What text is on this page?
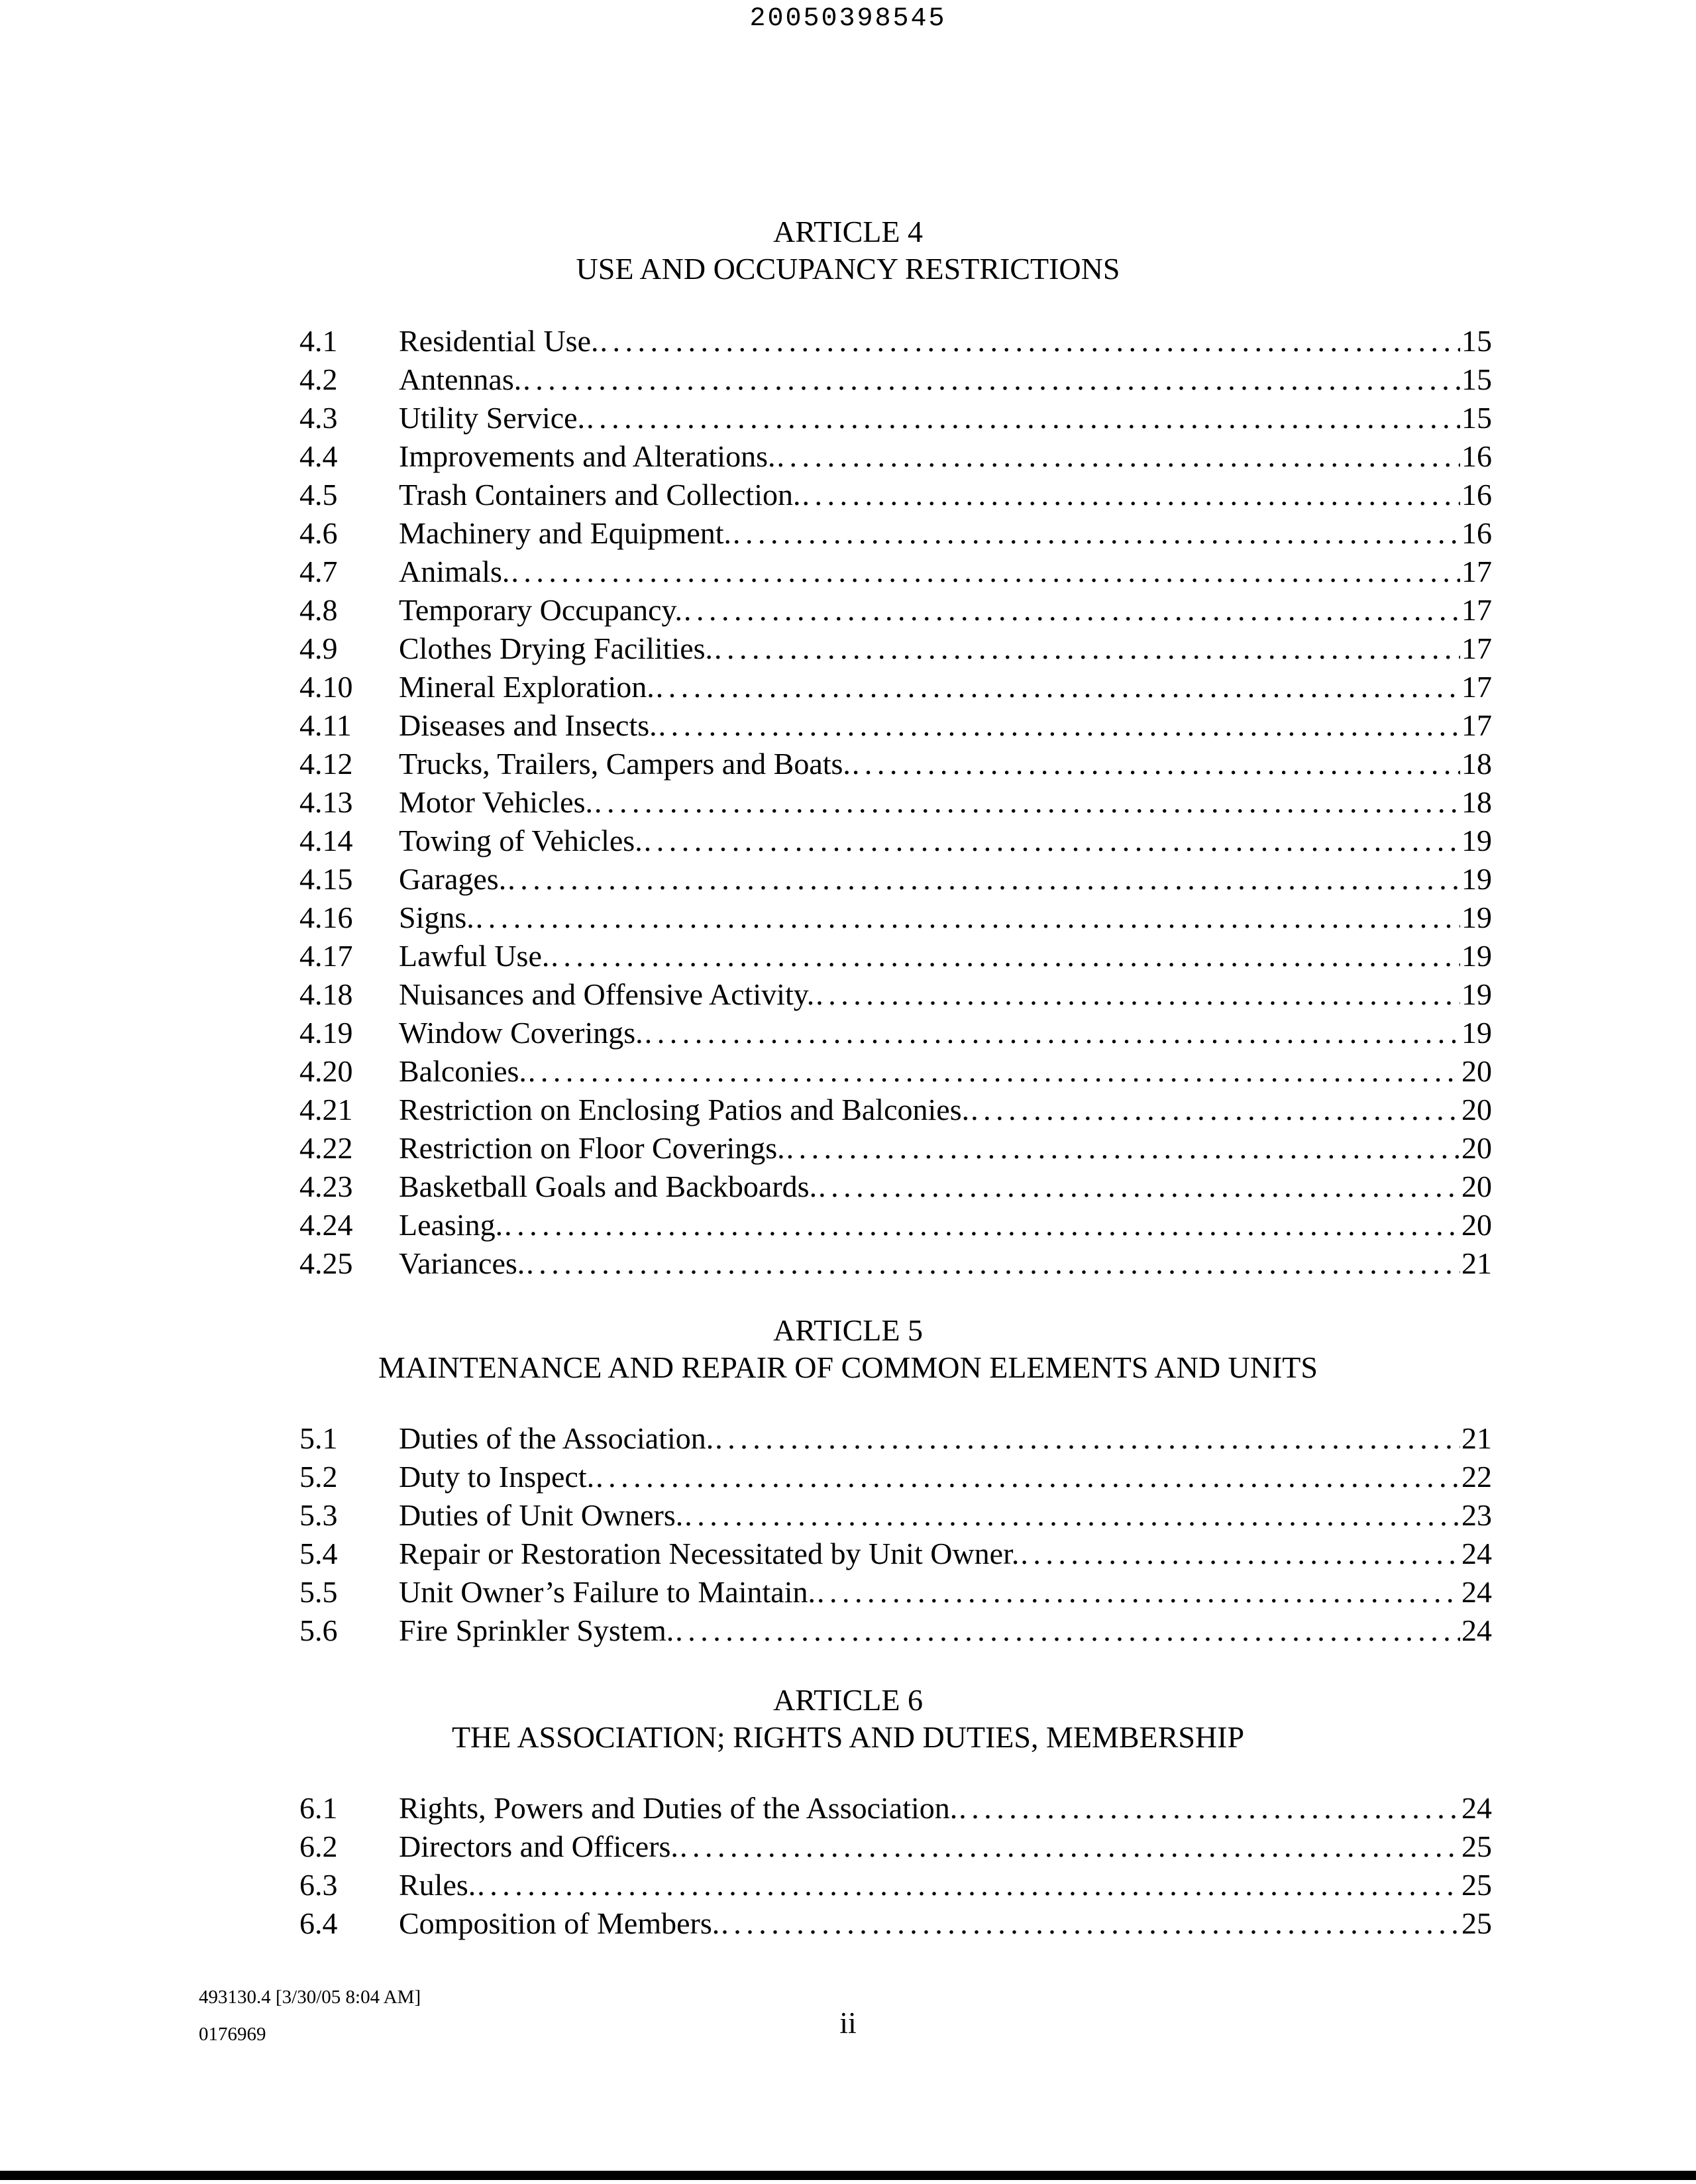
20050398545
ARTICLE 4
USE AND OCCUPANCY RESTRICTIONS
4.1	Residential Use. . . .	15
4.2	Antennas. . . .	15
4.3	Utility Service. . . .	15
4.4	Improvements and Alterations. . . .	16
4.5	Trash Containers and Collection. . . .	16
4.6	Machinery and Equipment. . . .	16
4.7	Animals. . . .	17
4.8	Temporary Occupancy. . . .	17
4.9	Clothes Drying Facilities. . . .	17
4.10	Mineral Exploration. . . .	17
4.11	Diseases and Insects. . . .	17
4.12	Trucks, Trailers, Campers and Boats. . . .	18
4.13	Motor Vehicles. . . .	18
4.14	Towing of Vehicles. . . .	19
4.15	Garages. . . .	19
4.16	Signs. . . .	19
4.17	Lawful Use. . . .	19
4.18	Nuisances and Offensive Activity. . . .	19
4.19	Window Coverings. . . .	19
4.20	Balconies. . . .	20
4.21	Restriction on Enclosing Patios and Balconies. . . .	20
4.22	Restriction on Floor Coverings. . . .	20
4.23	Basketball Goals and Backboards. . . .	20
4.24	Leasing. . . .	20
4.25	Variances. . . .	21
ARTICLE 5
MAINTENANCE AND REPAIR OF COMMON ELEMENTS AND UNITS
5.1	Duties of the Association. . . .	21
5.2	Duty to Inspect. . . .	22
5.3	Duties of Unit Owners. . . .	23
5.4	Repair or Restoration Necessitated by Unit Owner. . . .	24
5.5	Unit Owner’s Failure to Maintain. . . .	24
5.6	Fire Sprinkler System. . . .	24
ARTICLE 6
THE ASSOCIATION; RIGHTS AND DUTIES, MEMBERSHIP
6.1	Rights, Powers and Duties of the Association. . . .	24
6.2	Directors and Officers. . . .	25
6.3	Rules. . . .	25
6.4	Composition of Members. . . .	25
493130.4 [3/30/05 8:04 AM]
0176969	ii
